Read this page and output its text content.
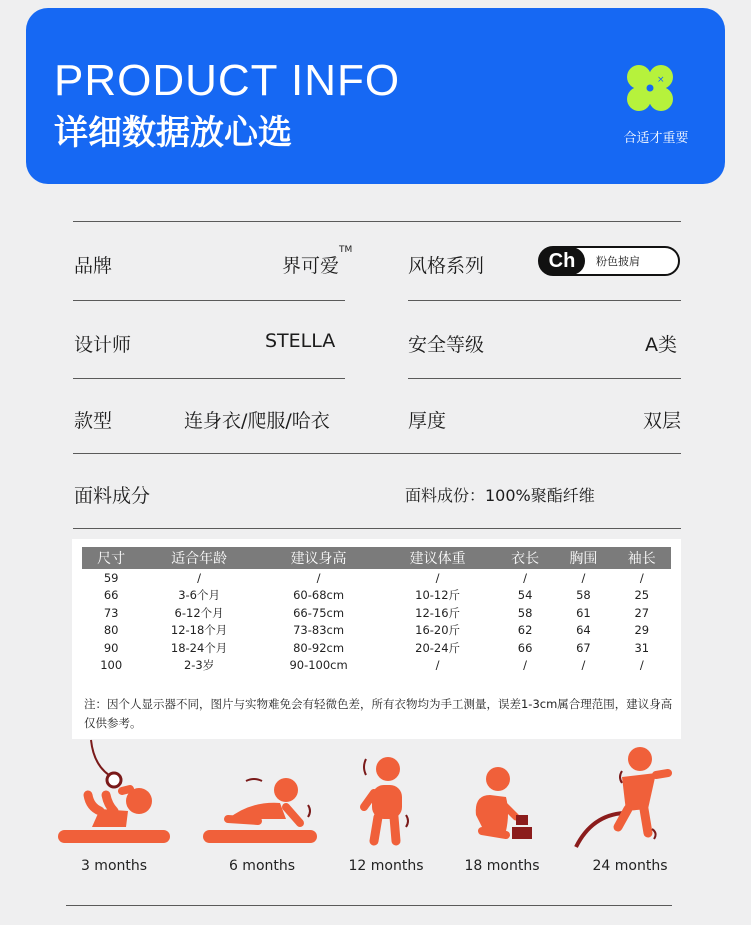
PRODUCT INFO
详细数据放心选
×
合适才重要
品牌	界可爱™
风格系列	Ch	粉色披肩
设计师	STELLA	安全等级	A类
款型	连身衣/爬服/哈衣	厚度	双层
面料成分	面料成份：100%聚酯纤维
尺寸	适合年龄	建议身高	建议体重	衣长	胸围	袖长
59	/	/	/	/	/	/
66	3-6个月	60-68cm	10-12斤	54	58	25
73	6-12个月	66-75cm	12-16斤	58	61	27
80	12-18个月	73-83cm	16-20斤	62	64	29
90	18-24个月	80-92cm	20-24斤	66	67	31
100	2-3岁	90-100cm	/	/	/	/
注：因个人显示器不同，图片与实物难免会有轻微色差，所有衣物均为手工测量，误差1-3cm属合理范围，建议身高仅供参考。
3 months	6 months	12 months	18 months	24 months
